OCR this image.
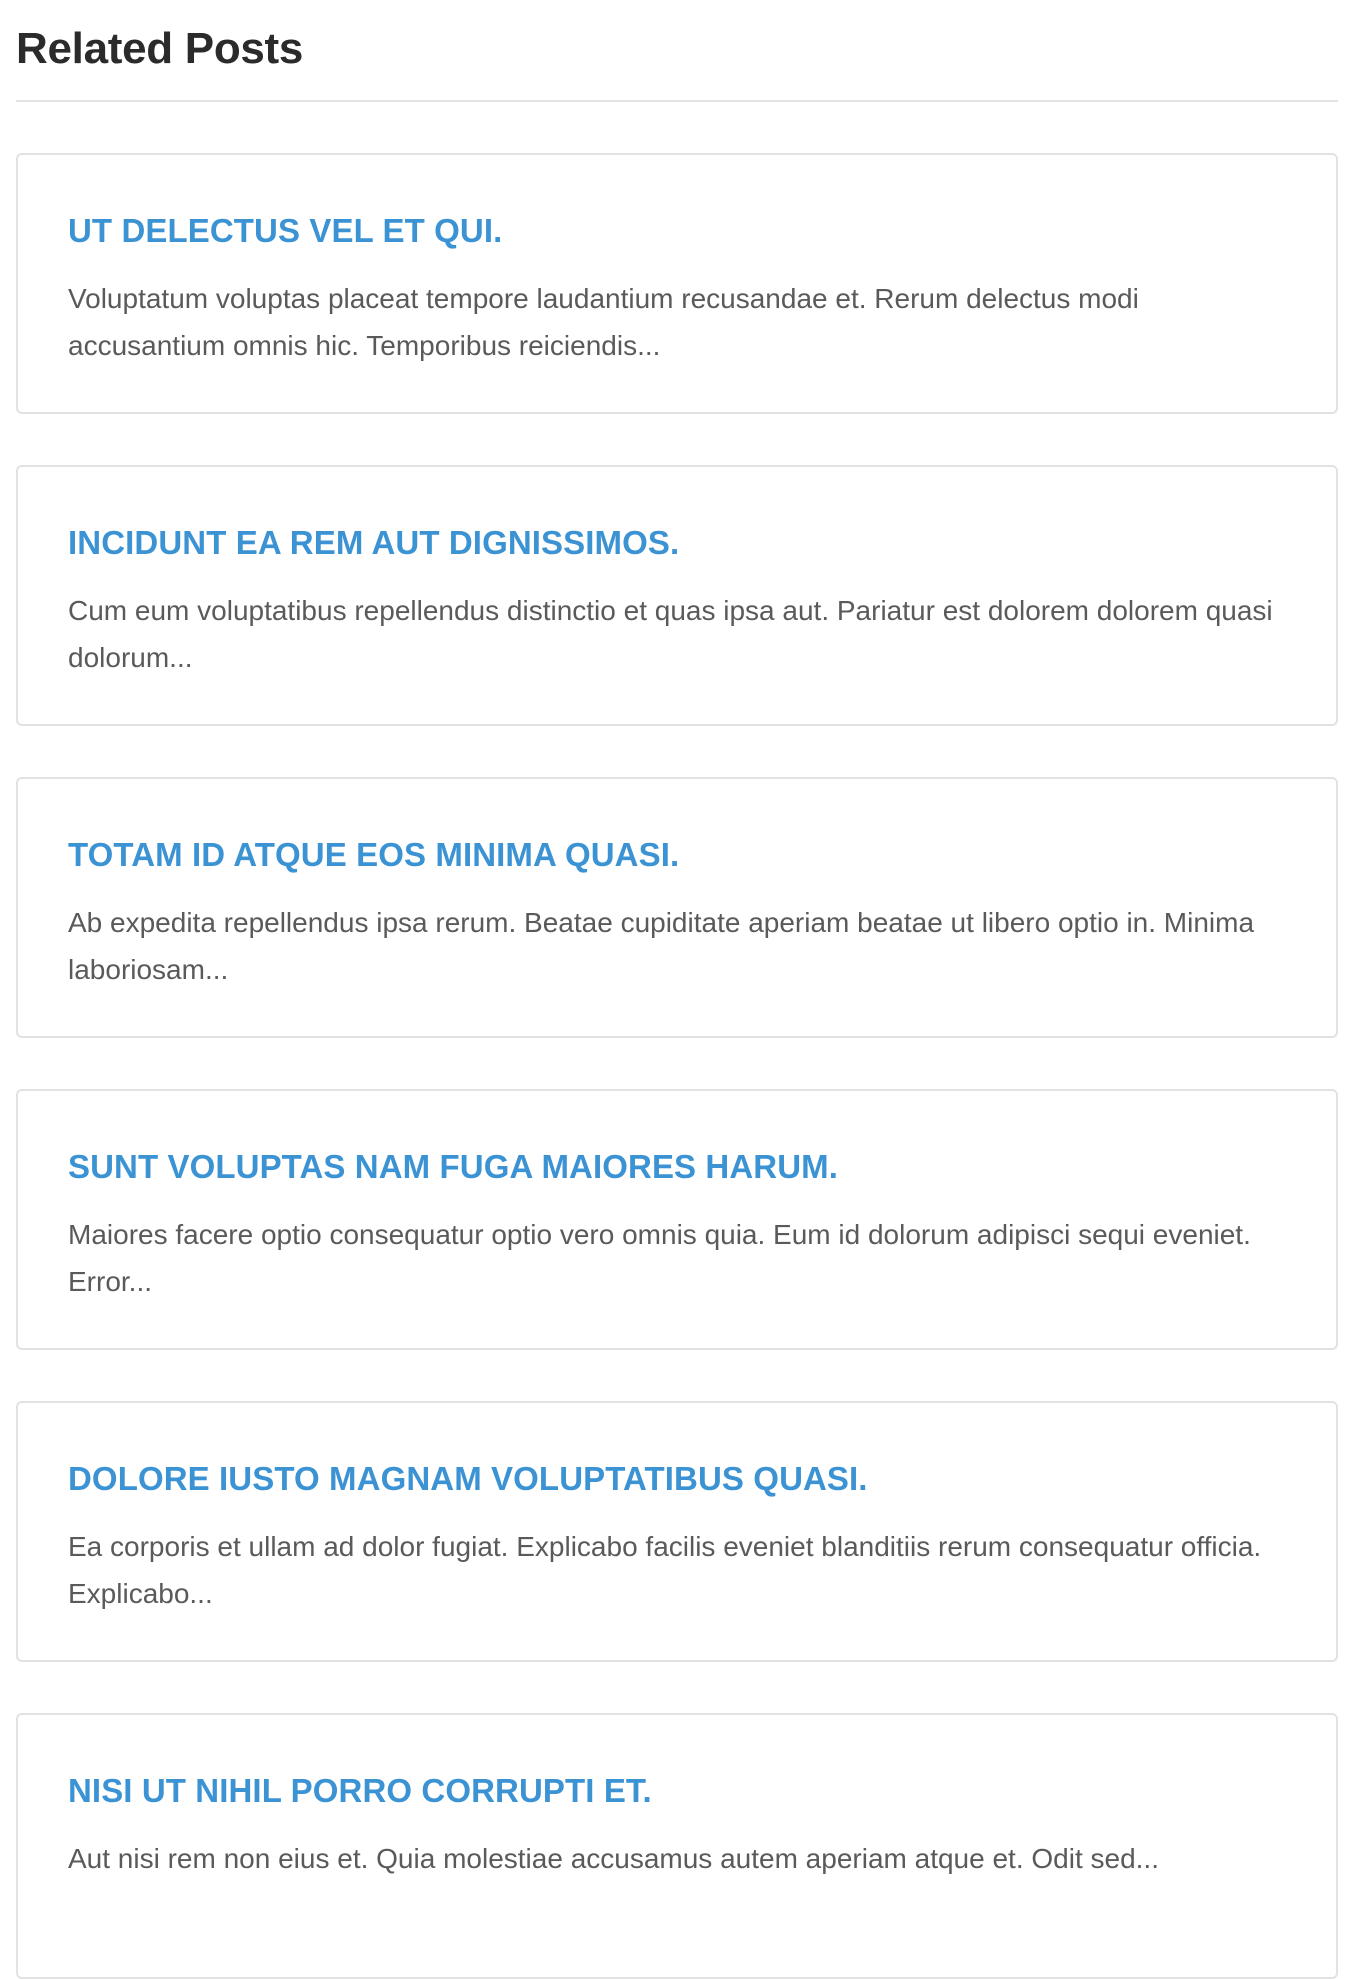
Related Posts
UT DELECTUS VEL ET QUI.

Voluptatum voluptas placeat tempore laudantium recusandae et. Rerum delectus modi accusantium omnis hic. Temporibus reiciendis...

INCIDUNT EA REM AUT DIGNISSIMOS.

Cum eum voluptatibus repellendus distinctio et quas ipsa aut. Pariatur est dolorem dolorem quasi dolorum...

TOTAM ID ATQUE EOS MINIMA QUASI.

Ab expedita repellendus ipsa rerum. Beatae cupiditate aperiam beatae ut libero optio in. Minima laboriosam...

SUNT VOLUPTAS NAM FUGA MAIORES HARUM.

Maiores facere optio consequatur optio vero omnis quia. Eum id dolorum adipisci sequi eveniet. Error...

DOLORE IUSTO MAGNAM VOLUPTATIBUS QUASI.

Ea corporis et ullam ad dolor fugiat. Explicabo facilis eveniet blanditiis rerum consequatur officia. Explicabo...

NISI UT NIHIL PORRO CORRUPTI ET.

Aut nisi rem non eius et. Quia molestiae accusamus autem aperiam atque et. Odit sed...
